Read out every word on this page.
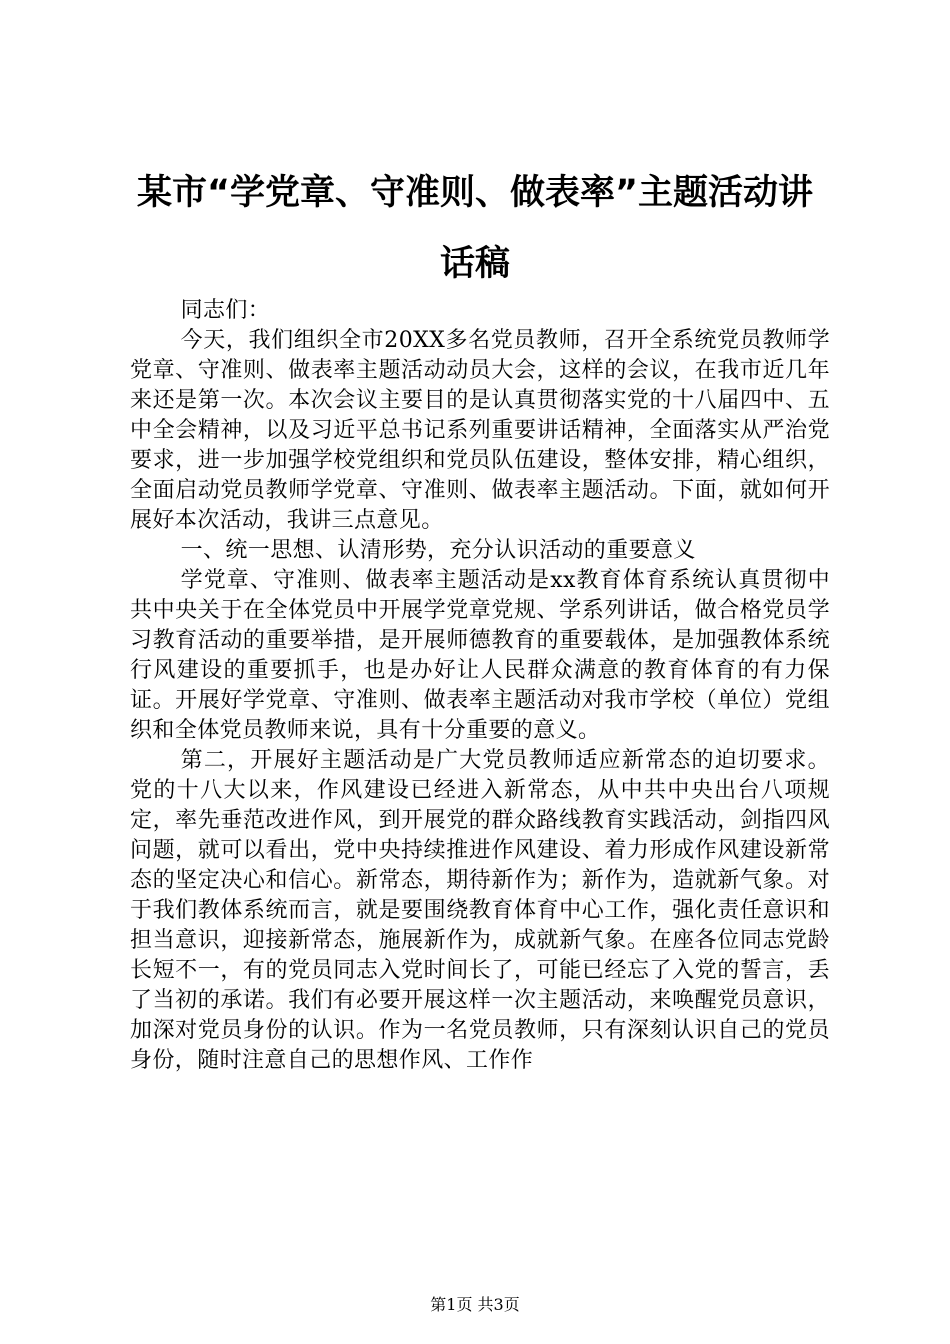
某市“学党章、守准则、做表率”主题活动讲
话稿

同志们：

今天，我们组织全市20XX多名党员教师，召开全系统党员教师学党章、守准则、做表率主题活动动员大会，这样的会议，在我市近几年来还是第一次。本次会议主要目的是认真贯彻落实党的十八届四中、五中全会精神，以及习近平总书记系列重要讲话精神，全面落实从严治党要求，进一步加强学校党组织和党员队伍建设，整体安排，精心组织，全面启动党员教师学党章、守准则、做表率主题活动。下面，就如何开展好本次活动，我讲三点意见。

一、统一思想、认清形势，充分认识活动的重要意义

学党章、守准则、做表率主题活动是xx教育体育系统认真贯彻中共中央关于在全体党员中开展学党章党规、学系列讲话，做合格党员学习教育活动的重要举措，是开展师德教育的重要载体，是加强教体系统行风建设的重要抓手，也是办好让人民群众满意的教育体育的有力保证。开展好学党章、守准则、做表率主题活动对我市学校（单位）党组织和全体党员教师来说，具有十分重要的意义。

第二，开展好主题活动是广大党员教师适应新常态的迫切要求。党的十八大以来，作风建设已经进入新常态，从中共中央出台八项规定，率先垂范改进作风，到开展党的群众路线教育实践活动，剑指四风问题，就可以看出，党中央持续推进作风建设、着力形成作风建设新常态的坚定决心和信心。新常态，期待新作为；新作为，造就新气象。对于我们教体系统而言，就是要围绕教育体育中心工作，强化责任意识和担当意识，迎接新常态，施展新作为，成就新气象。在座各位同志党龄长短不一，有的党员同志入党时间长了，可能已经忘了入党的誓言，丢了当初的承诺。我们有必要开展这样一次主题活动，来唤醒党员意识，加深对党员身份的认识。作为一名党员教师，只有深刻认识自己的党员身份，随时注意自己的思想作风、工作作

第1页 共3页
